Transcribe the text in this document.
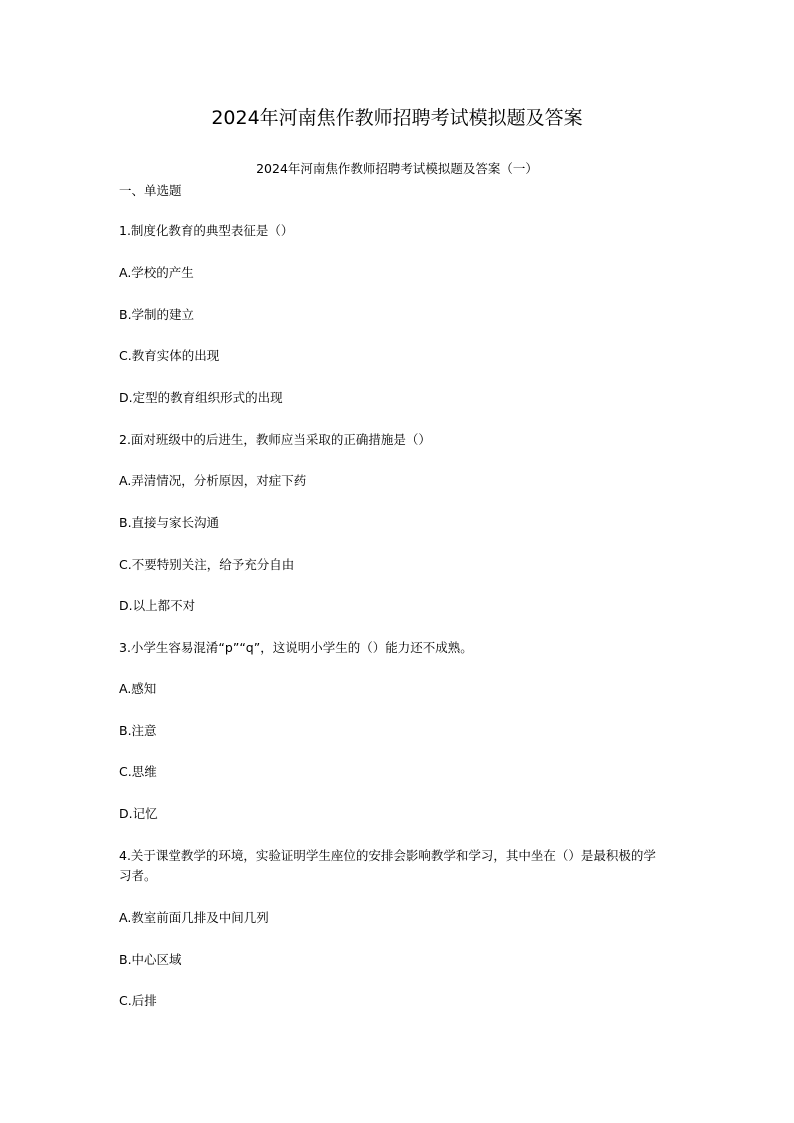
2024年河南焦作教师招聘考试模拟题及答案
2024年河南焦作教师招聘考试模拟题及答案（一）
一、单选题
1.制度化教育的典型表征是（）
A.学校的产生
B.学制的建立
C.教育实体的出现
D.定型的教育组织形式的出现
2.面对班级中的后进生，教师应当采取的正确措施是（）
A.弄清情况，分析原因，对症下药
B.直接与家长沟通
C.不要特别关注，给予充分自由
D.以上都不对
3.小学生容易混淆“p”“q”，这说明小学生的（）能力还不成熟。
A.感知
B.注意
C.思维
D.记忆
4.关于课堂教学的环境，实验证明学生座位的安排会影响教学和学习，其中坐在（）是最积极的学习者。
A.教室前面几排及中间几列
B.中心区域
C.后排
